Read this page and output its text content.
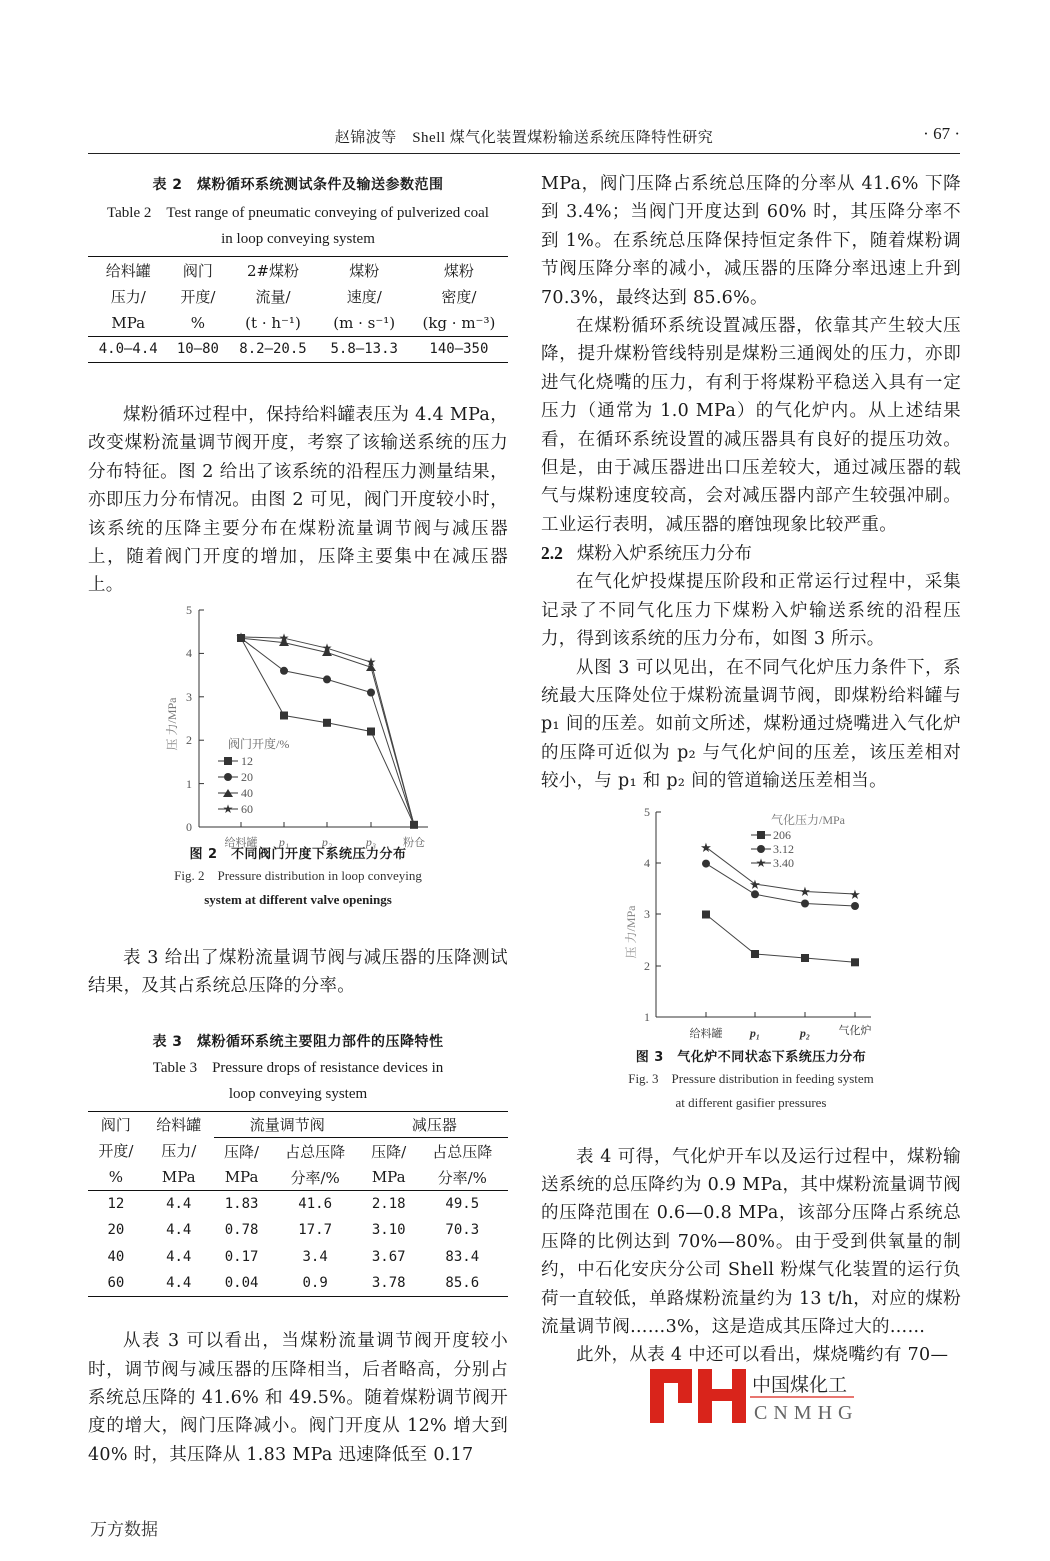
赵锦波等　Shell 煤气化装置煤粉输送系统压降特性研究	· 67 ·
表 2　煤粉循环系统测试条件及输送参数范围
Table 2　Test range of pneumatic conveying of pulverized coal
in loop conveying system
给料罐	阀门	2#煤粉	煤粉	煤粉
压力/	开度/	流量/	速度/	密度/
MPa	%	(t · h⁻¹)	(m · s⁻¹)	(kg · m⁻³)
4.0—4.4	10—80	8.2—20.5	5.8—13.3	140—350

煤粉循环过程中，保持给料罐表压为 4.4 MPa，改变煤粉流量调节阀开度，考察了该输送系统的压力分布特征。图 2 给出了该系统的沿程压力测量结果，亦即压力分布情况。由图 2 可见，阀门开度较小时，该系统的压降主要分布在煤粉流量调节阀与减压器上，随着阀门开度的增加，压降主要集中在减压器上。

5
4
3
2
1
0
压 力/MPa
给料罐 p₁	p₂	p₃ 粉仓
★
★
★
★
阀门开度/%
★
12
20
40
60
图 2　不同阀门开度下系统压力分布
Fig. 2　Pressure distribution in loop conveying
system at different valve openings

表 3 给出了煤粉流量调节阀与减压器的压降测试结果，及其占系统总压降的分率。

表 3　煤粉循环系统主要阻力部件的压降特性
Table 3　Pressure drops of resistance devices in
loop conveying system
阀门	给料罐	流量调节阀		减压器	
开度/	压力/	压降/	占总压降	压降/	占总压降
%	MPa	MPa	分率/%	MPa	分率/%
12	4.4	1.83	41.6	2.18	49.5
20	4.4	0.78	17.7	3.10	70.3
40	4.4	0.17	3.4	3.67	83.4
60	4.4	0.04	0.9	3.78	85.6

从表 3 可以看出，当煤粉流量调节阀开度较小时，调节阀与减压器的压降相当，后者略高，分别占系统总压降的 41.6% 和 49.5%。随着煤粉调节阀开度的增大，阀门压降减小。阀门开度从 12% 增大到 40% 时，其压降从 1.83 MPa 迅速降低至 0.17

MPa，阀门压降占系统总压降的分率从 41.6% 下降到 3.4%；当阀门开度达到 60% 时，其压降分率不到 1%。在系统总压降保持恒定条件下，随着煤粉调节阀压降分率的减小，减压器的压降分率迅速上升到 70.3%，最终达到 85.6%。

在煤粉循环系统设置减压器，依靠其产生较大压降，提升煤粉管线特别是煤粉三通阀处的压力，亦即进气化烧嘴的压力，有利于将煤粉平稳送入具有一定压力（通常为 1.0 MPa）的气化炉内。从上述结果看，在循环系统设置的减压器具有良好的提压功效。但是，由于减压器进出口压差较大，通过减压器的载气与煤粉速度较高，会对减压器内部产生较强冲刷。工业运行表明，减压器的磨蚀现象比较严重。

2.2 煤粉入炉系统压力分布

在气化炉投煤提压阶段和正常运行过程中，采集记录了不同气化压力下煤粉入炉输送系统的沿程压力，得到该系统的压力分布，如图 3 所示。

从图 3 可以见出，在不同气化炉压力条件下，系统最大压降处位于煤粉流量调节阀，即煤粉给料罐与 p₁ 间的压差。如前文所述，煤粉通过烧嘴进入气化炉的压降可近似为 p₂ 与气化炉间的压差，该压差相对较小，与 p₁ 和 p₂ 间的管道输送压差相当。

5
4
3
2
1
压 力/MPa
给料罐 p₁	p₂	气化炉
★
★	★	★
气化压力/MPa
★
206
3.12
3.40
图 3　气化炉不同状态下系统压力分布
Fig. 3　Pressure distribution in feeding system
at different gasifier pressures

表 4 可得，气化炉开车以及运行过程中，煤粉输送系统的总压降约为 0.9 MPa，其中煤粉流量调节阀的压降范围在 0.6—0.8 MPa，该部分压降占系统总压降的比例达到 70%—80%。由于受到供氧量的制约，中石化安庆分公司 Shell 粉煤气化装置的运行负荷一直较低，单路煤粉流量约为 13 t/h，对应的煤粉流量调节阀……3%，这是造成其压降过大的……

此外，从表 4 中还可以看出，煤烧嘴约有 70—

中国煤化工
CNMHG
万方数据
